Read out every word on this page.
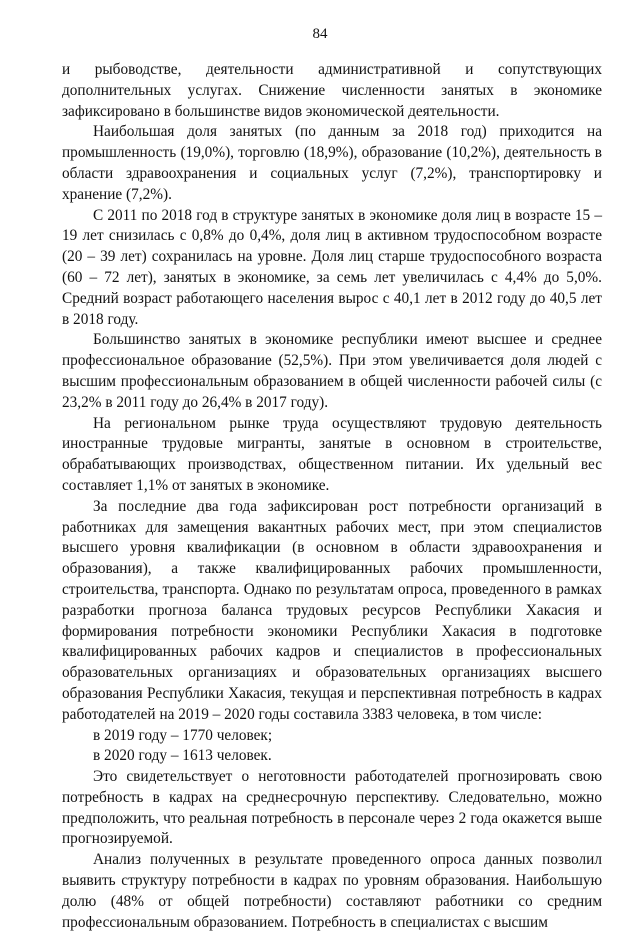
84

и рыбоводстве, деятельности административной и сопутствующих дополнительных услугах. Снижение численности занятых в экономике зафиксировано в большинстве видов экономической деятельности.

Наибольшая доля занятых (по данным за 2018 год) приходится на промышленность (19,0%), торговлю (18,9%), образование (10,2%), деятельность в области здравоохранения и социальных услуг (7,2%), транспортировку и хранение (7,2%).

С 2011 по 2018 год в структуре занятых в экономике доля лиц в возрасте 15 – 19 лет снизилась с 0,8% до 0,4%, доля лиц в активном трудоспособном возрасте (20 – 39 лет) сохранилась на уровне. Доля лиц старше трудоспособного возраста (60 – 72 лет), занятых в экономике, за семь лет увеличилась с 4,4% до 5,0%. Средний возраст работающего населения вырос с 40,1 лет в 2012 году до 40,5 лет в 2018 году.

Большинство занятых в экономике республики имеют высшее и среднее профессиональное образование (52,5%). При этом увеличивается доля людей с высшим профессиональным образованием в общей численности рабочей силы (с 23,2% в 2011 году до 26,4% в 2017 году).

На региональном рынке труда осуществляют трудовую деятельность иностранные трудовые мигранты, занятые в основном в строительстве, обрабатывающих производствах, общественном питании. Их удельный вес составляет 1,1% от занятых в экономике.

За последние два года зафиксирован рост потребности организаций в работниках для замещения вакантных рабочих мест, при этом специалистов высшего уровня квалификации (в основном в области здравоохранения и образования), а также квалифицированных рабочих промышленности, строительства, транспорта. Однако по результатам опроса, проведенного в рамках разработки прогноза баланса трудовых ресурсов Республики Хакасия и формирования потребности экономики Республики Хакасия в подготовке квалифицированных рабочих кадров и специалистов в профессиональных образовательных организациях и образовательных организациях высшего образования Республики Хакасия, текущая и перспективная потребность в кадрах работодателей на 2019 – 2020 годы составила 3383 человека, в том числе:

в 2019 году – 1770 человек;

в 2020 году – 1613 человек.

Это свидетельствует о неготовности работодателей прогнозировать свою потребность в кадрах на среднесрочную перспективу. Следовательно, можно предположить, что реальная потребность в персонале через 2 года окажется выше прогнозируемой.

Анализ полученных в результате проведенного опроса данных позволил выявить структуру потребности в кадрах по уровням образования. Наибольшую долю (48% от общей потребности) составляют работники со средним профессиональным образованием. Потребность в специалистах с высшим
